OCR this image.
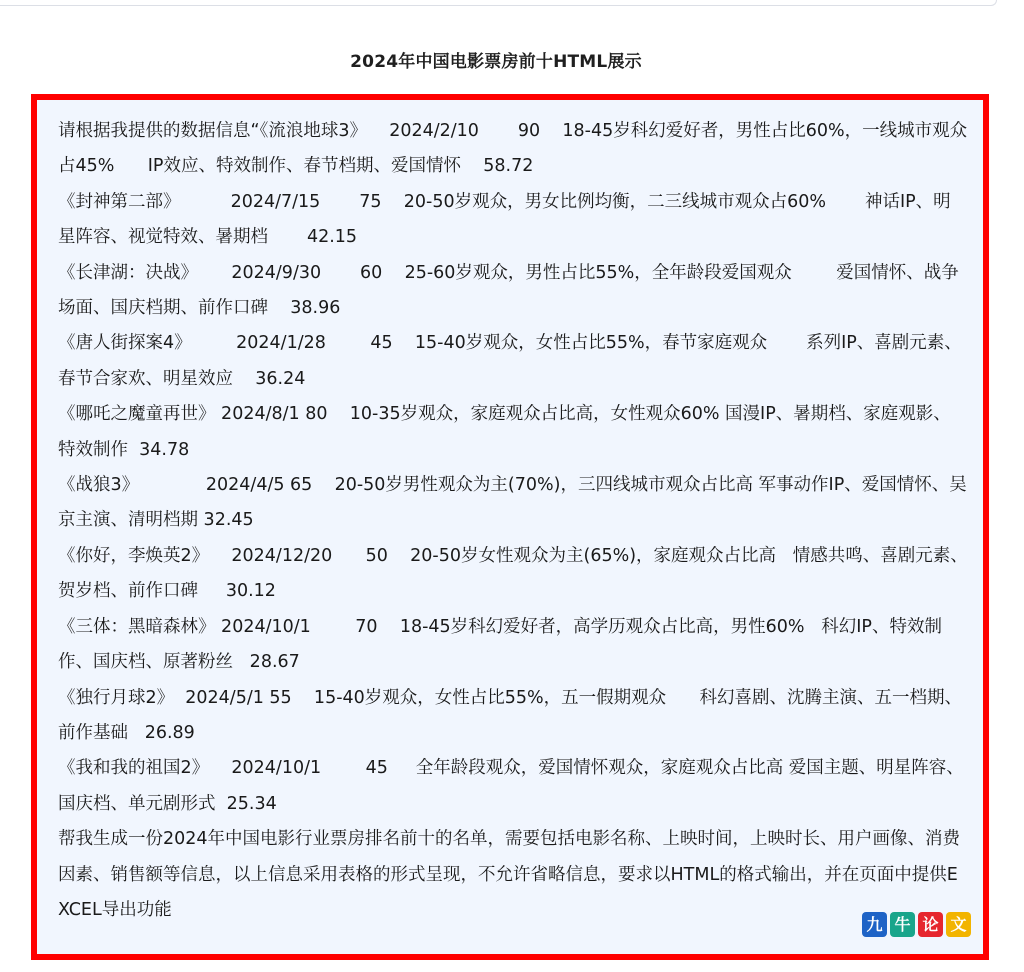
2024年中国电影票房前十HTML展示

请根据我提供的数据信息“《流浪地球3》    2024/2/10       90    18-45岁科幻爱好者，男性占比60%，一线城市观众占45%      IP效应、特效制作、春节档期、爱国情怀    58.72

《封神第二部》         2024/7/15       75    20-50岁观众，男女比例均衡，二三线城市观众占60%       神话IP、明星阵容、视觉特效、暑期档       42.15

《长津湖：决战》      2024/9/30       60    25-60岁观众，男性占比55%，全年龄段爱国观众        爱国情怀、战争场面、国庆档期、前作口碑    38.96

《唐人街探案4》        2024/1/28        45    15-40岁观众，女性占比55%，春节家庭观众       系列IP、喜剧元素、春节合家欢、明星效应    36.24

《哪吒之魔童再世》 2024/8/1 80    10-35岁观众，家庭观众占比高，女性观众60% 国漫IP、暑期档、家庭观影、特效制作  34.78

《战狼3》            2024/4/5 65    20-50岁男性观众为主(70%)，三四线城市观众占比高 军事动作IP、爱国情怀、吴京主演、清明档期 32.45

《你好，李焕英2》    2024/12/20      50    20-50岁女性观众为主(65%)，家庭观众占比高   情感共鸣、喜剧元素、贺岁档、前作口碑     30.12

《三体：黑暗森林》 2024/10/1        70    18-45岁科幻爱好者，高学历观众占比高，男性60%   科幻IP、特效制作、国庆档、原著粉丝   28.67

《独行月球2》  2024/5/1 55    15-40岁观众，女性占比55%，五一假期观众      科幻喜剧、沈腾主演、五一档期、前作基础   26.89

《我和我的祖国2》    2024/10/1        45     全年龄段观众，爱国情怀观众，家庭观众占比高 爱国主题、明星阵容、国庆档、单元剧形式  25.34

帮我生成一份2024年中国电影行业票房排名前十的名单，需要包括电影名称、上映时间，上映时长、用户画像、消费因素、销售额等信息，以上信息采用表格的形式呈现，不允许省略信息，要求以HTML的格式输出，并在页面中提供EXCEL导出功能

九 牛 论 文
